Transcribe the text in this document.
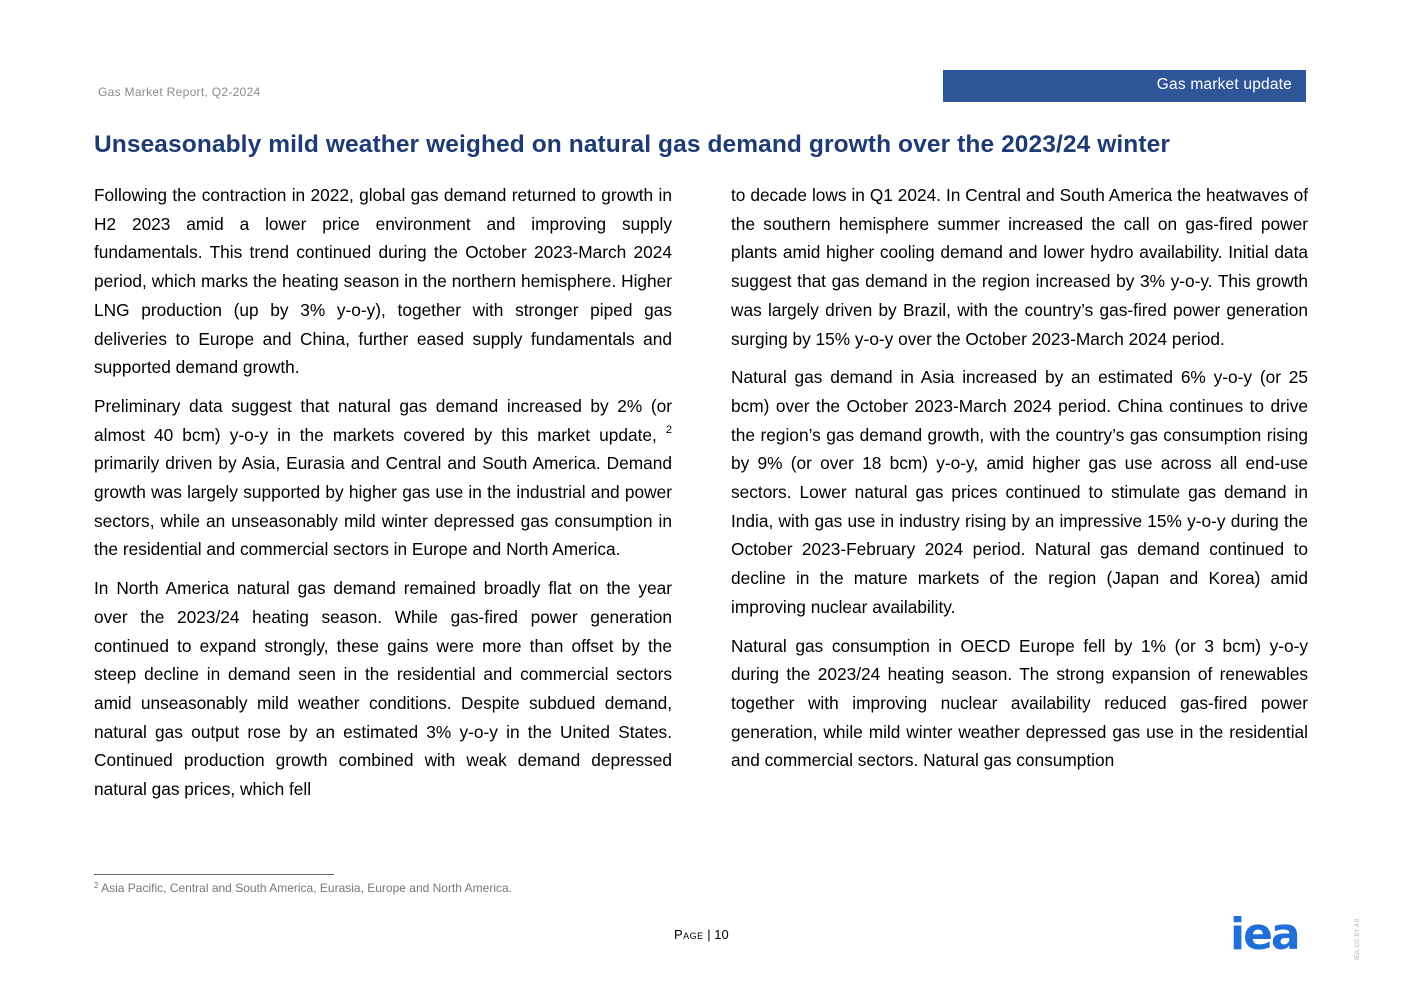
Gas Market Report, Q2-2024	Gas market update
Unseasonably mild weather weighed on natural gas demand growth over the 2023/24 winter

Following the contraction in 2022, global gas demand returned to growth in H2 2023 amid a lower price environment and improving supply fundamentals. This trend continued during the October 2023-March 2024 period, which marks the heating season in the northern hemisphere. Higher LNG production (up by 3% y-o-y), together with stronger piped gas deliveries to Europe and China, further eased supply fundamentals and supported demand growth.

Preliminary data suggest that natural gas demand increased by 2% (or almost 40 bcm) y-o-y in the markets covered by this market update, $^2$ primarily driven by Asia, Eurasia and Central and South America. Demand growth was largely supported by higher gas use in the industrial and power sectors, while an unseasonably mild winter depressed gas consumption in the residential and commercial sectors in Europe and North America.

In North America natural gas demand remained broadly flat on the year over the 2023/24 heating season. While gas-fired power generation continued to expand strongly, these gains were more than offset by the steep decline in demand seen in the residential and commercial sectors amid unseasonably mild weather conditions. Despite subdued demand, natural gas output rose by an estimated 3% y-o-y in the United States. Continued production growth combined with weak demand depressed natural gas prices, which fell

to decade lows in Q1 2024. In Central and South America the heatwaves of the southern hemisphere summer increased the call on gas-fired power plants amid higher cooling demand and lower hydro availability. Initial data suggest that gas demand in the region increased by 3% y-o-y. This growth was largely driven by Brazil, with the country’s gas-fired power generation surging by 15% y-o-y over the October 2023-March 2024 period.

Natural gas demand in Asia increased by an estimated 6% y-o-y (or 25 bcm) over the October 2023-March 2024 period. China continues to drive the region’s gas demand growth, with the country’s gas consumption rising by 9% (or over 18 bcm) y-o-y, amid higher gas use across all end-use sectors. Lower natural gas prices continued to stimulate gas demand in India, with gas use in industry rising by an impressive 15% y-o-y during the October 2023-February 2024 period. Natural gas demand continued to decline in the mature markets of the region (Japan and Korea) amid improving nuclear availability.

Natural gas consumption in OECD Europe fell by 1% (or 3 bcm) y-o-y during the 2023/24 heating season. The strong expansion of renewables together with improving nuclear availability reduced gas-fired power generation, while mild winter weather depressed gas use in the residential and commercial sectors. Natural gas consumption

$^2$ Asia Pacific, Central and South America, Eurasia, Europe and North America.
Page | 10	iea	IEA. CC BY 4.0.
